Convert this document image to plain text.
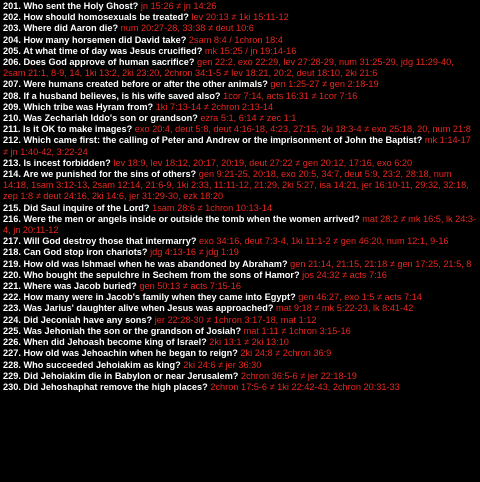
201. Who sent the Holy Ghost? jn 15:26 ≠ jn 14:26
202. How should homosexuals be treated? lev 20:13 ≠ 1ki 15:11-12
203. Where did Aaron die? num 20:27-28, 33:38 ≠ deut 10:6
204. How many horsemen did David take? 2sam 8:4 / 1chron 18:4
205. At what time of day was Jesus crucified? mk 15:25 / jn 19:14-16
206. Does God approve of human sacrifice? gen 22:2, exo 22:29, lev 27:28-29, num 31:25-29, jdg 11:29-40, 2sam 21:1, 8-9, 14, 1ki 13:2, 2ki 23:20, 2chron 34:1-5 ≠ lev 18:21, 20:2, deut 18:10, 2ki 21:6
207. Were humans created before or after the other animals? gen 1:25-27 ≠ gen 2:18-19
208. If a husband believes, is his wife saved also? 1cor 7:14, acts 16:31 ≠ 1cor 7:16
209. Which tribe was Hyram from? 1ki 7:13-14 ≠ 2chron 2:13-14
210. Was Zechariah Iddo's son or grandson? ezra 5:1, 6:14 ≠ zec 1:1
211. Is it OK to make images? exo 20:4, deut 5:8, deut 4:16-18, 4:23, 27:15, 2ki 18:3-4 ≠ exo 25:18, 20, num 21:8
212. Which came first: the calling of Peter and Andrew or the imprisonment of John the Baptist? mk 1:14-17 ≠ jn 1:40-42, 3:22-24
213. Is incest forbidden? lev 18:9, lev 18:12, 20:17, 20:19, deut 27:22 ≠ gen 20:12, 17:16, exo 6:20
214. Are we punished for the sins of others? gen 9:21-25, 20:18, exo 20:5, 34:7, deut 5:9, 23:2, 28:18, num 14:18, 1sam 3:12-13, 2sam 12:14, 21:6-9, 1ki 2:33, 11:11-12, 21:29, 2ki 5:27, isa 14:21, jer 16:10-11, 29:32, 32:18, zep 1:8 ≠ deut 24:16, 2ki 14:6, jer 31:29-30, ezk 18:20
215. Did Saul inquire of the Lord? 1sam 28:6 ≠ 1chron 10:13-14
216. Were the men or angels inside or outside the tomb when the women arrived? mat 28:2 ≠ mk 16:5, lk 24:3-4, jn 20:11-12
217. Will God destroy those that intermarry? exo 34:16, deut 7:3-4, 1ki 11:1-2 ≠ gen 46:20, num 12:1, 9-16
218. Can God stop iron chariots? jdg 4:13-16 ≠ jdg 1:19
219. How old was Ishmael when he was abandoned by Abraham? gen 21:14, 21:15, 21:18 ≠ gen 17:25, 21:5, 8
220. Who bought the sepulchre in Sechem from the sons of Hamor? jos 24:32 ≠ acts 7:16
221. Where was Jacob buried? gen 50:13 ≠ acts 7:15-16
222. How many were in Jacob's family when they came into Egypt? gen 46:27, exo 1:5 ≠ acts 7:14
223. Was Jarius' daughter alive when Jesus was approached? mat 9:18 ≠ mk 5:22-23, lk 8:41-42
224. Did Jeconiah have any sons? jer 22:28-30 ≠ 1chron 3:17-18, mat 1:12
225. Was Jehoniah the son or the grandson of Josiah? mat 1:11 ≠ 1chron 3:15-16
226. When did Jehoash become king of Israel? 2ki 13:1 ≠ 2ki 13:10
227. How old was Jehoachin when he began to reign? 2ki 24:8 ≠ 2chron 36:9
228. Who succeeded Jehoiakim as king? 2ki 24:6 ≠ jer 36:30
229. Did Jehoiakim die in Babylon or near Jerusalem? 2chron 36:5-6 ≠ jer 22:18-19
230. Did Jehoshaphat remove the high places? 2chron 17:5-6 ≠ 1ki 22:42-43, 2chron 20:31-33
